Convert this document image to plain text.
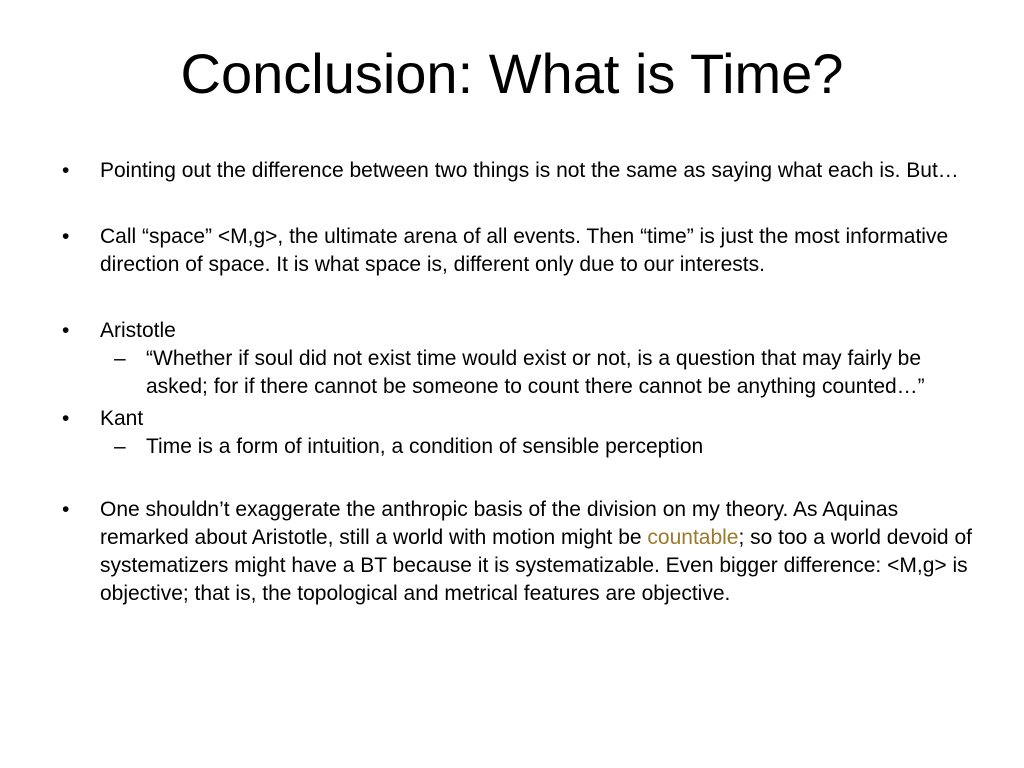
Conclusion: What is Time?
•	Pointing out the difference between two things is not the same as saying what each is. But…
•	Call “space” <M,g>, the ultimate arena of all events. Then “time” is just the most informative direction of space. It is what space is, different only due to our interests.
•	Aristotle
– “Whether if soul did not exist time would exist or not, is a question that may fairly be asked; for if there cannot be someone to count there cannot be anything counted…”
•	Kant
– Time is a form of intuition, a condition of sensible perception
•	One shouldn’t exaggerate the anthropic basis of the division on my theory. As Aquinas remarked about Aristotle, still a world with motion might be countable; so too a world devoid of systematizers might have a BT because it is systematizable. Even bigger difference: <M,g> is objective; that is, the topological and metrical features are objective.
